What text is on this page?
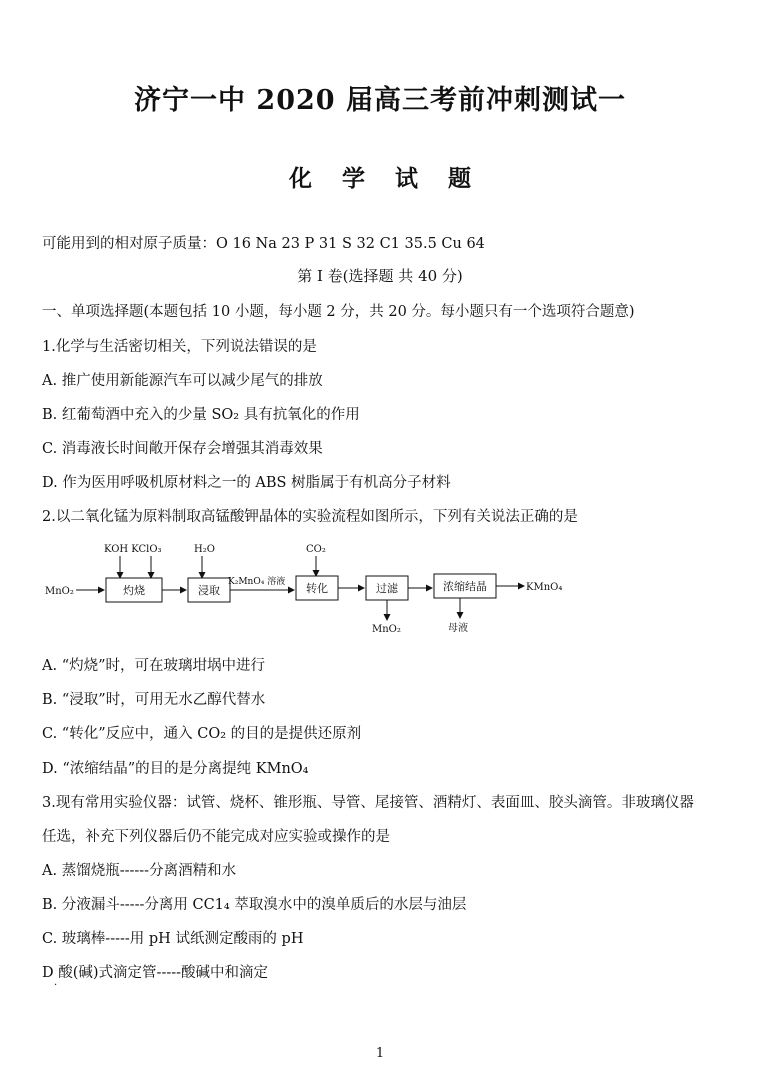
济宁一中 2020 届高三考前冲刺测试一
化 学 试 题
可能用到的相对原子质量：O 16 Na 23 P 31 S 32 C1 35.5 Cu 64
第 I 卷(选择题 共 40 分)
一、单项选择题(本题包括 10 小题，每小题 2 分，共 20 分。每小题只有一个选项符合题意)
1.化学与生活密切相关，下列说法错误的是
A. 推广使用新能源汽车可以减少尾气的排放
B. 红葡萄酒中充入的少量 SO₂ 具有抗氧化的作用
C. 消毒液长时间敞开保存会增强其消毒效果
D. 作为医用呼吸机原材料之一的 ABS 树脂属于有机高分子材料
2.以二氧化锰为原料制取高锰酸钾晶体的实验流程如图所示，下列有关说法正确的是
MnO₂
KOH KClO₃
灼烧
H₂O
浸取
K₂MnO₄ 溶液
CO₂
转化	过滤
MnO₂
浓缩结晶
母液
KMnO₄
A. “灼烧”时，可在玻璃坩埚中进行
B. “浸取”时，可用无水乙醇代替水
C. “转化”反应中，通入 CO₂ 的目的是提供还原剂
D. “浓缩结晶”的目的是分离提纯 KMnO₄
3.现有常用实验仪器：试管、烧杯、锥形瓶、导管、尾接管、酒精灯、表面皿、胶头滴管。非玻璃仪器
任选，补充下列仪器后仍不能完成对应实验或操作的是
A. 蒸馏烧瓶------分离酒精和水
B. 分液漏斗-----分离用 CC1₄ 萃取溴水中的溴单质后的水层与油层
C. 玻璃棒-----用 pH 试纸测定酸雨的 pH
D 酸(碱)式滴定管-----酸碱中和滴定
·
1
